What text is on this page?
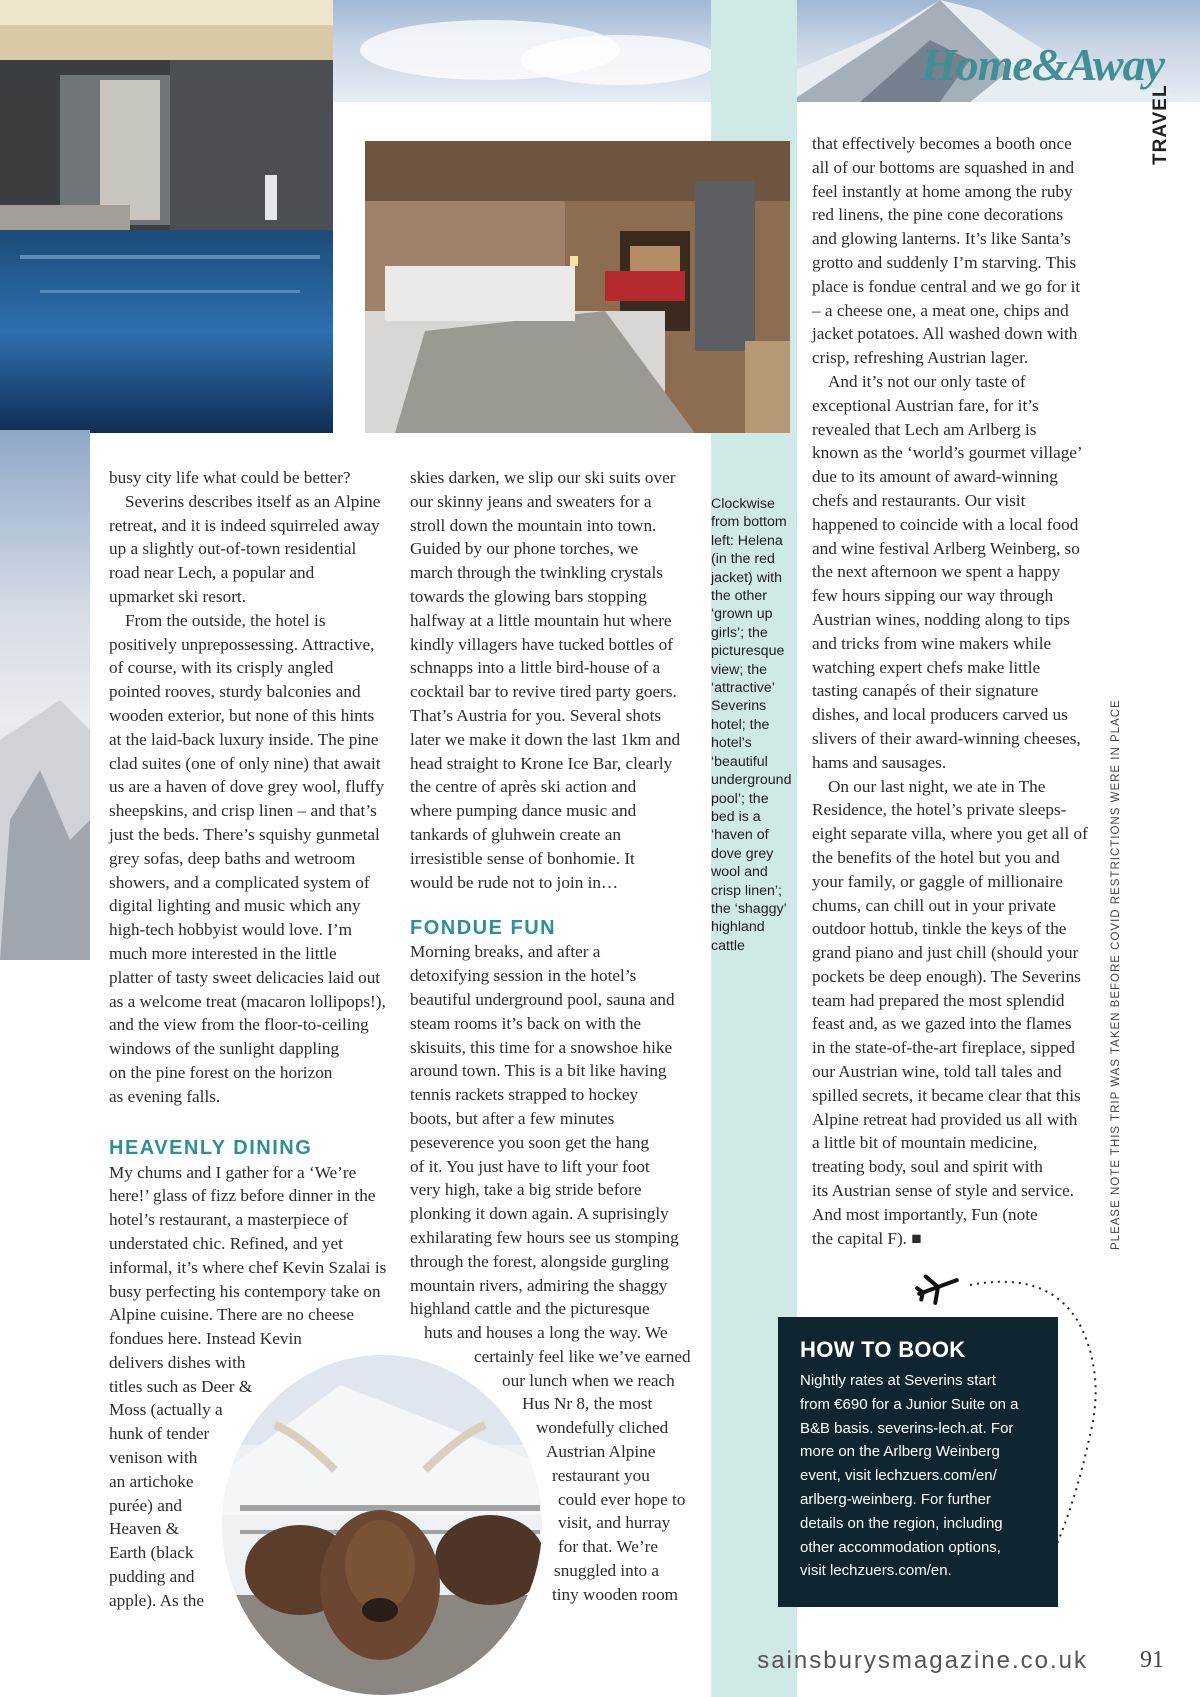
Home&Away
TRAVEL

busy city life what could be better?

Severins describes itself as an Alpine

retreat, and it is indeed squirreled away

up a slightly out-of-town residential

road near Lech, a popular and

upmarket ski resort.

From the outside, the hotel is

positively unprepossessing. Attractive,

of course, with its crisply angled

pointed rooves, sturdy balconies and

wooden exterior, but none of this hints

at the laid-back luxury inside. The pine

clad suites (one of only nine) that await

us are a haven of dove grey wool, fluffy

sheepskins, and crisp linen – and that’s

just the beds. There’s squishy gunmetal

grey sofas, deep baths and wetroom

showers, and a complicated system of

digital lighting and music which any

high-tech hobbyist would love. I’m

much more interested in the little

platter of tasty sweet delicacies laid out

as a welcome treat (macaron lollipops!),

and the view from the floor-to-ceiling

windows of the sunlight dappling

on the pine forest on the horizon

as evening falls.

HEAVENLY DINING

My chums and I gather for a ‘We’re

here!’ glass of fizz before dinner in the

hotel’s restaurant, a masterpiece of

understated chic. Refined, and yet

informal, it’s where chef Kevin Szalai is

busy perfecting his contempory take on

Alpine cuisine. There are no cheese

fondues here. Instead Kevin

delivers dishes with

titles such as Deer &

Moss (actually a

hunk of tender

venison with

an artichoke

purée) and

Heaven &

Earth (black

pudding and

apple). As the

skies darken, we slip our ski suits over

our skinny jeans and sweaters for a

stroll down the mountain into town.

Guided by our phone torches, we

march through the twinkling crystals

towards the glowing bars stopping

halfway at a little mountain hut where

kindly villagers have tucked bottles of

schnapps into a little bird-house of a

cocktail bar to revive tired party goers.

That’s Austria for you. Several shots

later we make it down the last 1km and

head straight to Krone Ice Bar, clearly

the centre of après ski action and

where pumping dance music and

tankards of gluhwein create an

irresistible sense of bonhomie. It

would be rude not to join in…

FONDUE FUN

Morning breaks, and after a

detoxifying session in the hotel’s

beautiful underground pool, sauna and

steam rooms it’s back on with the

skisuits, this time for a snowshoe hike

around town. This is a bit like having

tennis rackets strapped to hockey

boots, but after a few minutes

peseverence you soon get the hang

of it. You just have to lift your foot

very high, take a big stride before

plonking it down again. A suprisingly

exhilarating few hours see us stomping

through the forest, alongside gurgling

mountain rivers, admiring the shaggy

highland cattle and the picturesque

huts and houses a long the way. We

certainly feel like we’ve earned

our lunch when we reach

Hus Nr 8, the most

wondefully cliched

Austrian Alpine

restaurant you

could ever hope to

visit, and hurray

for that. We’re

snuggled into a

tiny wooden room

Clockwise from bottom left: Helena (in the red jacket) with the other ‘grown up girls’; the picturesque view; the ‘attractive’ Severins hotel; the hotel’s ‘beautiful underground pool’; the bed is a ‘haven of dove grey wool and crisp linen’; the ‘shaggy’ highland cattle

that effectively becomes a booth once

all of our bottoms are squashed in and

feel instantly at home among the ruby

red linens, the pine cone decorations

and glowing lanterns. It’s like Santa’s

grotto and suddenly I’m starving. This

place is fondue central and we go for it

– a cheese one, a meat one, chips and

jacket potatoes. All washed down with

crisp, refreshing Austrian lager.

And it’s not our only taste of

exceptional Austrian fare, for it’s

revealed that Lech am Arlberg is

known as the ‘world’s gourmet village’

due to its amount of award-winning

chefs and restaurants. Our visit

happened to coincide with a local food

and wine festival Arlberg Weinberg, so

the next afternoon we spent a happy

few hours sipping our way through

Austrian wines, nodding along to tips

and tricks from wine makers while

watching expert chefs make little

tasting canapés of their signature

dishes, and local producers carved us

slivers of their award-winning cheeses,

hams and sausages.

On our last night, we ate in The

Residence, the hotel’s private sleeps-

eight separate villa, where you get all of

the benefits of the hotel but you and

your family, or gaggle of millionaire

chums, can chill out in your private

outdoor hottub, tinkle the keys of the

grand piano and just chill (should your

pockets be deep enough). The Severins

team had prepared the most splendid

feast and, as we gazed into the flames

in the state-of-the-art fireplace, sipped

our Austrian wine, told tall tales and

spilled secrets, it became clear that this

Alpine retreat had provided us all with

a little bit of mountain medicine,

treating body, soul and spirit with

its Austrian sense of style and service.

And most importantly, Fun (note

the capital F). ■	PLEASE NOTE THIS TRIP WAS TAKEN BEFORE COVID RESTRICTIONS WERE IN PLACE
HOW TO BOOK
Nightly rates at Severins start
from €690 for a Junior Suite on a
B&B basis. severins-lech.at. For
more on the Arlberg Weinberg
event, visit lechzuers.com/en/
arlberg-weinberg. For further
details on the region, including
other accommodation options,
visit lechzuers.com/en.
sainsburysmagazine.co.uk 91
